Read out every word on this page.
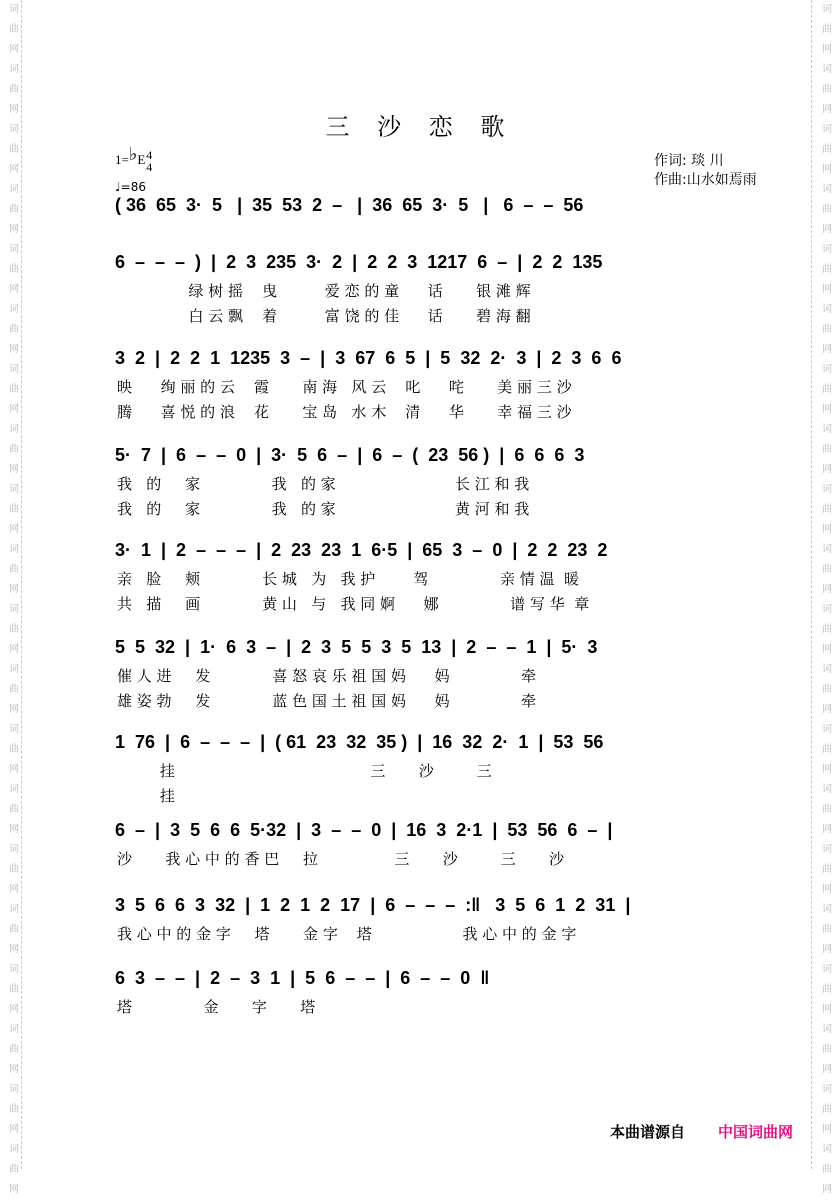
词
曲
网
词
曲
网
词
曲
网
词
曲
网
词
曲
网
词
曲
网
词
曲
网
词
曲
网
词
曲
网
词
曲
网
词
曲
网
词
曲
网
词
曲
网
词
曲
网
词
曲
网
词
曲
网
词
曲
网
词
曲
网
词
曲
网
词
曲
网
词
曲
网
词
曲
网
词
曲
网
词
曲
网
词
曲
网
词
曲
网
词
曲
网
词
曲
网
词
曲
网
词
曲
网
词
曲
网
词
曲
网
词
曲
网
词
曲
网
词
曲
网
词
曲
网
词
曲
网
词
曲
网
词
曲
网
词
曲
网
三 沙 恋 歌
1=♭E4
4
♩=86
作词: 琰 川
作曲:山水如焉雨
( 36  65  3·  5   |  35  53  2  –   |  36  65  3·  5   |   6  –  –  56
6  –  –  –  )  |  2  3  235  3·  2  |  2  2  3  1217  6  –  |  2  2  135
绿 树 摇    曳          爱 恋 的 童      话       银 滩 辉
白 云 飘    着          富 饶 的 佳      话       碧 海 翻
3  2  |  2  2  1  1235  3  –  |  3  67  6  5  |  5  32  2·  3  |  2  3  6  6
映      绚 丽 的 云    霞       南 海   风 云    叱      咤       美 丽 三 沙
腾      喜 悦 的 浪    花       宝 岛   水 木    清      华       幸 福 三 沙
5·  7  |  6  –  –  0  |  3·  5  6  –  |  6  –  (  23  56 )  |  6  6  6  3
我   的     家               我   的 家                         长 江 和 我
我   的     家               我   的 家                         黄 河 和 我
3·  1  |  2  –  –  –  |  2  23  23  1  6·5  |  65  3  –  0  |  2  2  23  2
亲   脸     颊             长 城   为   我 护        驾               亲 情 温  暖
共   描     画             黄 山   与   我 同 婀      娜               谱 写 华  章
5  5  32  |  1·  6  3  –  |  2  3  5  5  3  5  13  |  2  –  –  1  |  5·  3
催 人 进     发             喜 怒 哀 乐 祖 国 妈      妈               牵
雄 姿 勃     发             蓝 色 国 土 祖 国 妈      妈               牵
1  76  |  6  –  –  –  |  ( 61  23  32  35 )  |  16  32  2·  1  |  53  56
挂                                         三       沙         三
挂
6  –  |  3  5  6  6  5·32  |  3  –  –  0  |  16  3  2·1  |  53  56  6  –  |
沙       我 心 中 的 香 巴     拉                三       沙         三       沙
3  5  6  6  3  32  |  1  2  1  2  17  |  6  –  –  –  :‖   3  5  6  1  2  31  |
我 心 中 的 金 字     塔       金 字    塔                   我 心 中 的 金 字
6  3  –  –  |  2  –  3  1  |  5  6  –  –  |  6  –  –  0  ‖
塔               金       字       塔
本曲谱源自 中国词曲网
